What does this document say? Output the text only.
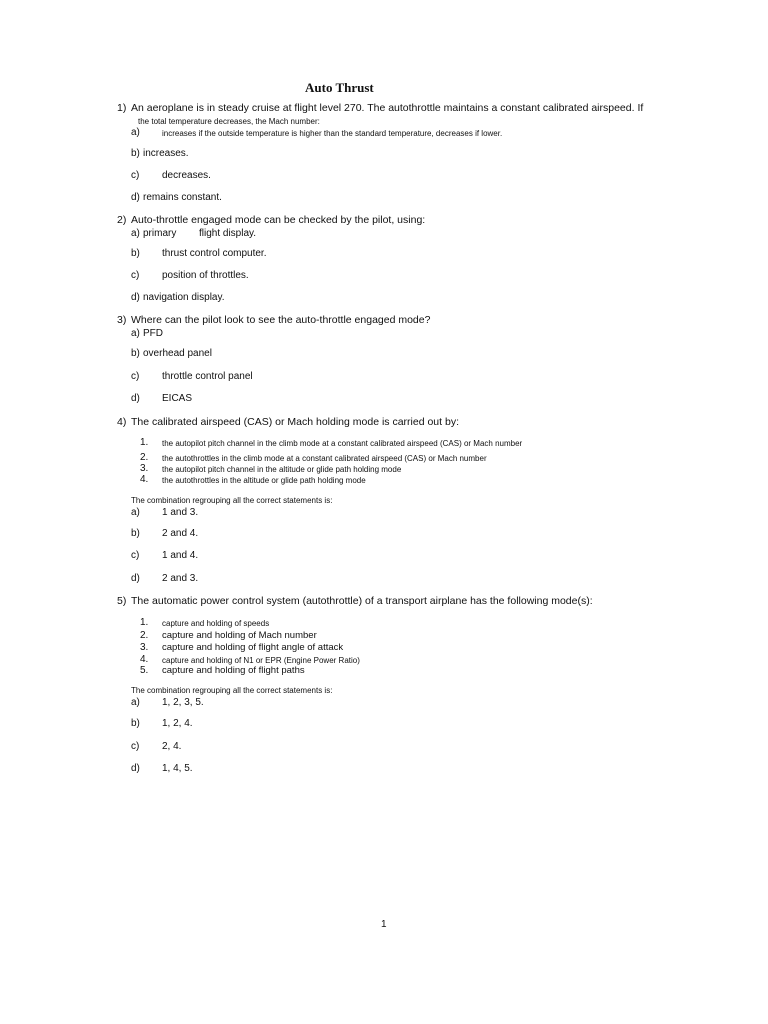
Auto Thrust
1) An aeroplane is in steady cruise at flight level 270. The autothrottle maintains a constant calibrated airspeed. If
the total temperature decreases, the Mach number:
a)	increases if the outside temperature is higher than the standard temperature, decreases if lower.
b) increases.
c) decreases.
d) remains constant.
2) Auto-throttle engaged mode can be checked by the pilot, using:
a) primary flight display.
b) thrust control computer.
c) position of throttles.
d) navigation display.
3) Where can the pilot look to see the auto-throttle engaged mode?
a) PFD
b) overhead panel
c) throttle control panel
d) EICAS
4) The calibrated airspeed (CAS) or Mach holding mode is carried out by:
1. the autopilot pitch channel in the climb mode at a constant calibrated airspeed (CAS) or Mach number
2. the autothrottles in the climb mode at a constant calibrated airspeed (CAS) or Mach number
3. the autopilot pitch channel in the altitude or glide path holding mode
4. the autothrottles in the altitude or glide path holding mode
The combination regrouping all the correct statements is:
a) 1 and 3.
b) 2 and 4.
c) 1 and 4.
d) 2 and 3.
5) The automatic power control system (autothrottle) of a transport airplane has the following mode(s):
1. capture and holding of speeds
2. capture and holding of Mach number
3. capture and holding of flight angle of attack
4. capture and holding of N1 or EPR (Engine Power Ratio)
5. capture and holding of flight paths
The combination regrouping all the correct statements is:
a) 1, 2, 3, 5.
b) 1, 2, 4.
c) 2, 4.
d) 1, 4, 5.
1
